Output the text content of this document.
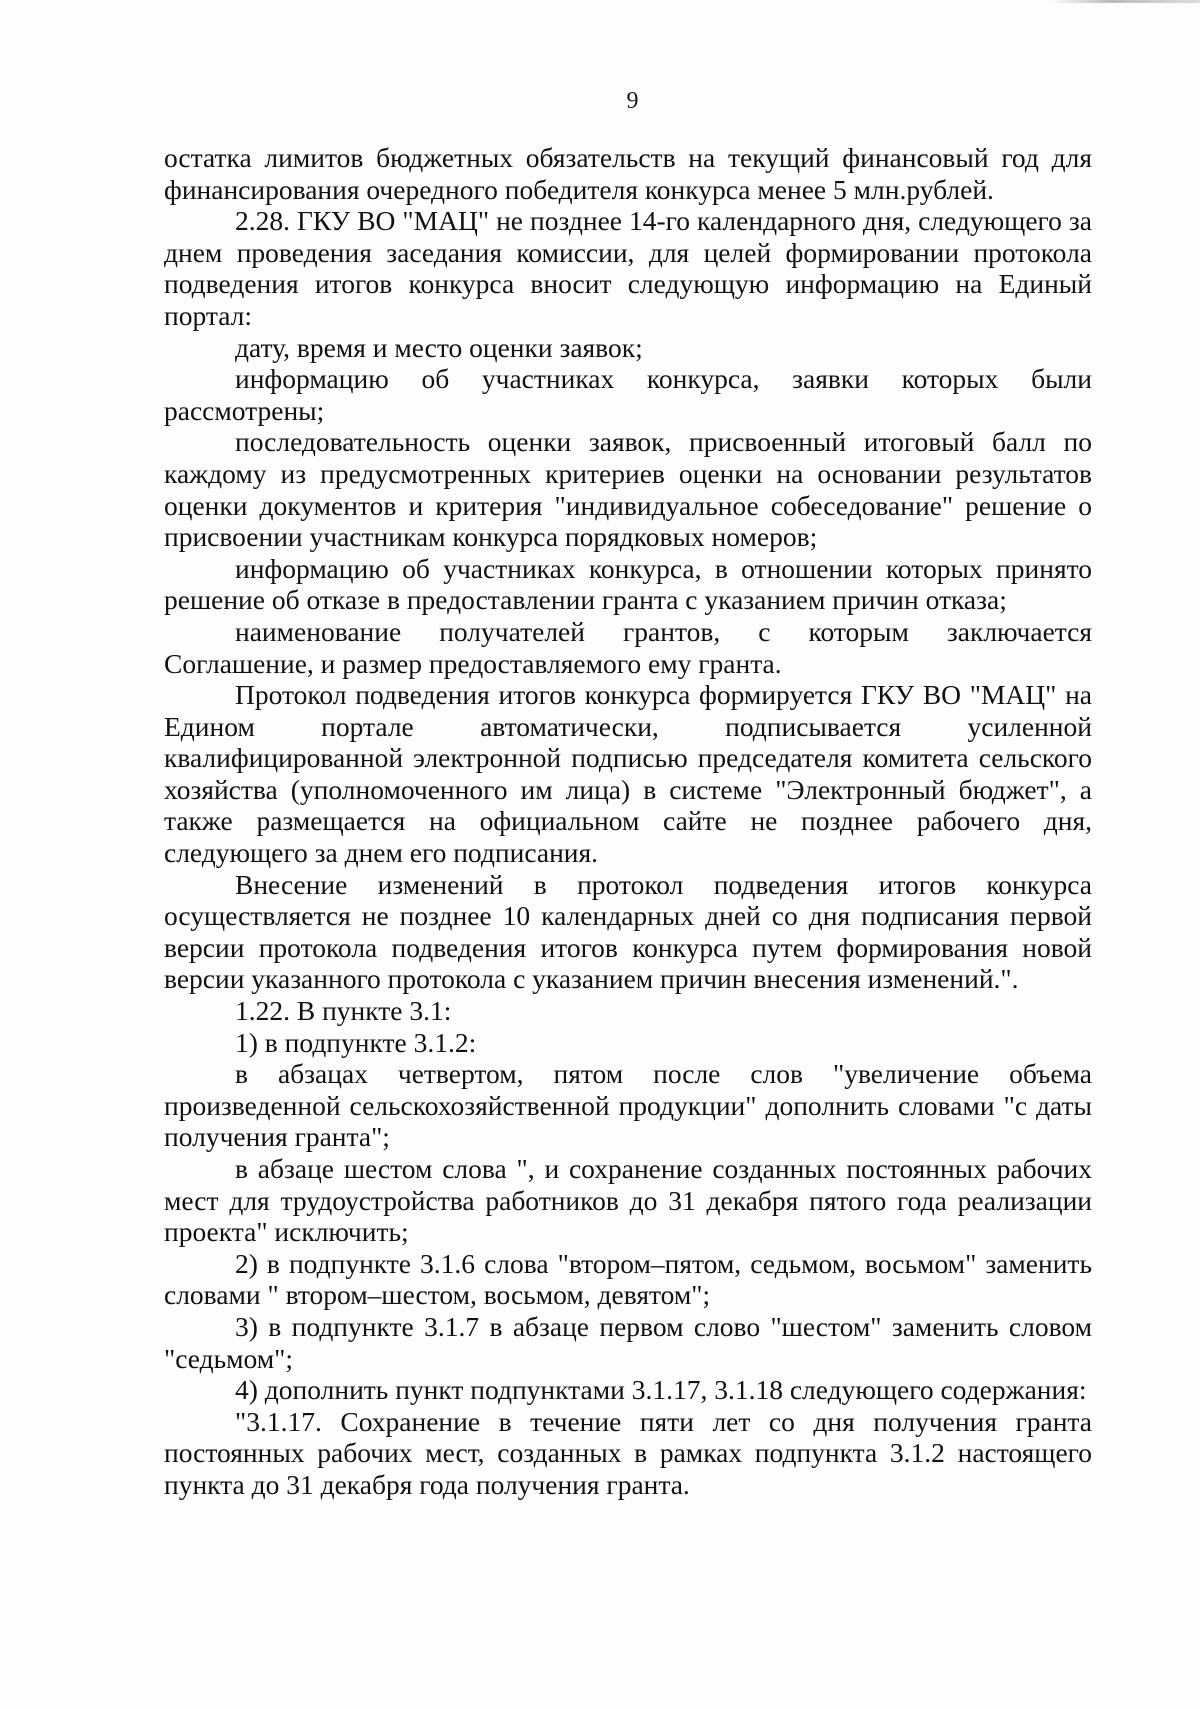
9

остатка лимитов бюджетных обязательств на текущий финансовый год для финансирования очередного победителя конкурса менее 5 млн.рублей.

2.28. ГКУ ВО "МАЦ" не позднее 14-го календарного дня, следующего за днем проведения заседания комиссии, для целей формировании протокола подведения итогов конкурса вносит следующую информацию на Единый портал:

дату, время и место оценки заявок;

информацию об участниках конкурса, заявки которых были рассмотрены;

последовательность оценки заявок, присвоенный итоговый балл по каждому из предусмотренных критериев оценки на основании результатов оценки документов и критерия "индивидуальное собеседование" решение о присвоении участникам конкурса порядковых номеров;

информацию об участниках конкурса, в отношении которых принято решение об отказе в предоставлении гранта с указанием причин отказа;

наименование получателей грантов, с которым заключается Соглашение, и размер предоставляемого ему гранта.

Протокол подведения итогов конкурса формируется ГКУ ВО "МАЦ" на Едином портале автоматически, подписывается усиленной квалифицированной электронной подписью председателя комитета сельского хозяйства (уполномоченного им лица) в системе "Электронный бюджет", а также размещается на официальном сайте не позднее рабочего дня, следующего за днем его подписания.

Внесение изменений в протокол подведения итогов конкурса осуществляется не позднее 10 календарных дней со дня подписания первой версии протокола подведения итогов конкурса путем формирования новой версии указанного протокола с указанием причин внесения изменений.".

1.22. В пункте 3.1:

1) в подпункте 3.1.2:

в абзацах четвертом, пятом после слов "увеличение объема произведенной сельскохозяйственной продукции" дополнить словами "с даты получения гранта";

в абзаце шестом слова ", и сохранение созданных постоянных рабочих мест для трудоустройства работников до 31 декабря пятого года реализации проекта" исключить;

2) в подпункте 3.1.6 слова "втором–пятом, седьмом, восьмом" заменить словами " втором–шестом, восьмом, девятом";

3) в подпункте 3.1.7 в абзаце первом слово "шестом" заменить словом "седьмом";

4) дополнить пункт подпунктами 3.1.17, 3.1.18 следующего содержания:

"3.1.17. Сохранение в течение пяти лет со дня получения гранта постоянных рабочих мест, созданных в рамках подпункта 3.1.2 настоящего пункта до 31 декабря года получения гранта.
